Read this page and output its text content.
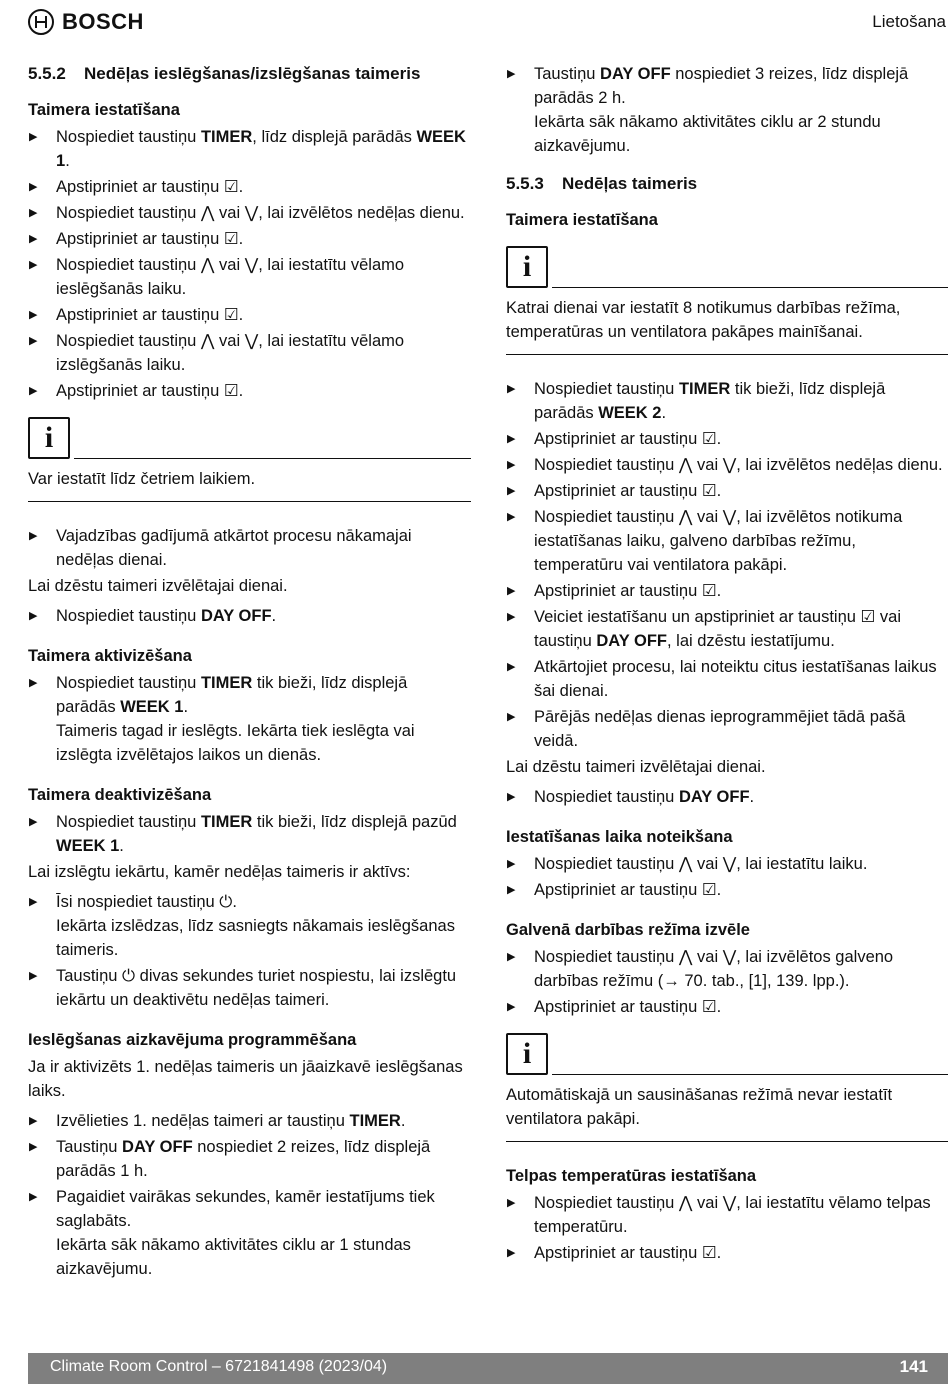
BOSCH	Lietošana
5.5.2 Nedēļas ieslēgšanas/izslēgšanas taimeris
Taimera iestatīšana
▶ Nospiediet taustiņu TIMER, līdz displejā parādās WEEK 1.
▶ Apstipriniet ar taustiņu ☑.
▶ Nospiediet taustiņu ⋀ vai ⋁, lai izvēlētos nedēļas dienu.
▶ Apstipriniet ar taustiņu ☑.
▶ Nospiediet taustiņu ⋀ vai ⋁, lai iestatītu vēlamo ieslēgšanās laiku.
▶ Apstipriniet ar taustiņu ☑.
▶ Nospiediet taustiņu ⋀ vai ⋁, lai iestatītu vēlamo izslēgšanās laiku.
▶ Apstipriniet ar taustiņu ☑.
i

Var iestatīt līdz četriem laikiem.

▶ Vajadzības gadījumā atkārtot procesu nākamajai nedēļas dienai.

Lai dzēstu taimeri izvēlētajai dienai.

▶ Nospiediet taustiņu DAY OFF.
Taimera aktivizēšana
▶ Nospiediet taustiņu TIMER tik bieži, līdz displejā parādās WEEK 1.
Taimeris tagad ir ieslēgts. Iekārta tiek ieslēgta vai izslēgta izvēlētajos laikos un dienās.
Taimera deaktivizēšana
▶ Nospiediet taustiņu TIMER tik bieži, līdz displejā pazūd WEEK 1.

Lai izslēgtu iekārtu, kamēr nedēļas taimeris ir aktīvs:

▶ Īsi nospiediet taustiņu ⏻.
Iekārta izslēdzas, līdz sasniegts nākamais ieslēgšanas taimeris.
▶ Taustiņu ⏻ divas sekundes turiet nospiestu, lai izslēgtu iekārtu un deaktivētu nedēļas taimeri.
Ieslēgšanas aizkavējuma programmēšana

Ja ir aktivizēts 1. nedēļas taimeris un jāaizkavē ieslēgšanas laiks.

▶ Izvēlieties 1. nedēļas taimeri ar taustiņu TIMER.
▶ Taustiņu DAY OFF nospiediet 2 reizes, līdz displejā parādās 1 h.
▶ Pagaidiet vairākas sekundes, kamēr iestatījums tiek saglabāts.
Iekārta sāk nākamo aktivitātes ciklu ar 1 stundas aizkavējumu.
▶ Taustiņu DAY OFF nospiediet 3 reizes, līdz displejā parādās 2 h.
Iekārta sāk nākamo aktivitātes ciklu ar 2 stundu aizkavējumu.
5.5.3 Nedēļas taimeris
Taimera iestatīšana
i

Katrai dienai var iestatīt 8 notikumus darbības režīma, temperatūras un ventilatora pakāpes mainīšanai.

▶ Nospiediet taustiņu TIMER tik bieži, līdz displejā parādās WEEK 2.
▶ Apstipriniet ar taustiņu ☑.
▶ Nospiediet taustiņu ⋀ vai ⋁, lai izvēlētos nedēļas dienu.
▶ Apstipriniet ar taustiņu ☑.
▶ Nospiediet taustiņu ⋀ vai ⋁, lai izvēlētos notikuma iestatīšanas laiku, galveno darbības režīmu, temperatūru vai ventilatora pakāpi.
▶ Apstipriniet ar taustiņu ☑.
▶ Veiciet iestatīšanu un apstipriniet ar taustiņu ☑ vai taustiņu DAY OFF, lai dzēstu iestatījumu.
▶ Atkārtojiet procesu, lai noteiktu citus iestatīšanas laikus šai dienai.
▶ Pārējās nedēļas dienas ieprogrammējiet tādā pašā veidā.

Lai dzēstu taimeri izvēlētajai dienai.

▶ Nospiediet taustiņu DAY OFF.
Iestatīšanas laika noteikšana
▶ Nospiediet taustiņu ⋀ vai ⋁, lai iestatītu laiku.
▶ Apstipriniet ar taustiņu ☑.
Galvenā darbības režīma izvēle
▶ Nospiediet taustiņu ⋀ vai ⋁, lai izvēlētos galveno darbības režīmu (→ 70. tab., [1], 139. lpp.).
▶ Apstipriniet ar taustiņu ☑.
i

Automātiskajā un sausināšanas režīmā nevar iestatīt ventilatora pakāpi.

Telpas temperatūras iestatīšana
▶ Nospiediet taustiņu ⋀ vai ⋁, lai iestatītu vēlamo telpas temperatūru.
▶ Apstipriniet ar taustiņu ☑.
Climate Room Control – 6721841498 (2023/04)	141
